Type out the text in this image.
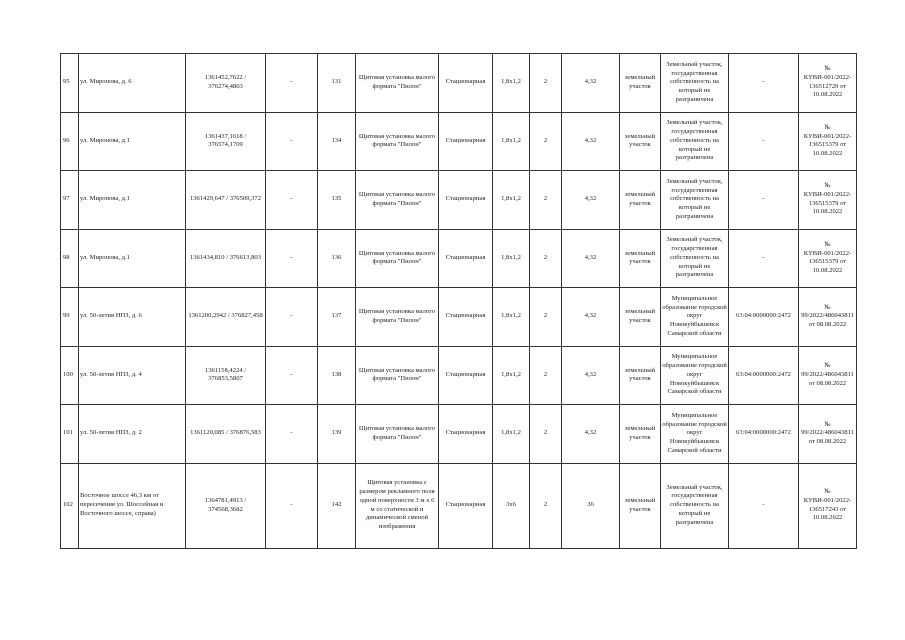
95	ул. Миронова, д. 6	1361452,7622 / 376274,4803	-	131	Щитовая установка малого формата "Пилон"	Стационарная	1,8х1,2	2	4,32	земельный участок	Земельный участок, государственная собственность на который не разграничена	-	№ КУВИ-001/2022-136512729 от 10.08.2022
96	ул. Миронова, д.1	1361437,1618 / 376574,1709	-	134	Щитовая установка малого формата "Пилон"	Стационарная	1,8х1,2	2	4,32	земельный участок	Земельный участок, государственная собственность на который не разграничена	-	№ КУВИ-001/2022-136515379 от 10.08.2022
97	ул. Миронова, д.1	1361429,647 / 376509,372	-	135	Щитовая установка малого формата "Пилон"	Стационарная	1,8х1,2	2	4,32	земельный участок	Земельный участок, государственная собственность на который не разграничена	-	№ КУВИ-001/2022-136515379 от 10.08.2022
98	ул. Миронова, д.1	1361434,810 / 376613,803	-	136	Щитовая установка малого формата "Пилон"	Стационарная	1,8х1,2	2	4,32	земельный участок	Земельный участок, государственная собственность на который не разграничена	-	№ КУВИ-001/2022-136515379 от 10.08.2022
99	ул. 50-летия НПЗ, д. 6	1361200,2942 / 376827,458	-	137	Щитовая установка малого формата "Пилон"	Стационарная	1,8х1,2	2	4,32	земельный участок	Муниципальное образование городской округ Новокуйбышевск Самарской области	63:04:0000000:2472	№ 99/2022/486043811 от 08.08.2022
100	ул. 50-летия НПЗ, д. 4	1361158,4224 / 376853,5807	-	138	Щитовая установка малого формата "Пилон"	Стационарная	1,8х1,2	2	4,32	земельный участок	Муниципальное образование городской округ Новокуйбышевск Самарской области	63:04:0000000:2472	№ 99/2022/486043811 от 08.08.2022
101	ул. 50-летия НПЗ, д. 2	1361120,085 / 376876,583	-	139	Щитовая установка малого формата "Пилон"	Стационарная	1,8х1,2	2	4,32	земельный участок	Муниципальное образование городской округ Новокуйбышевск Самарской области	63:04:0000000:2472	№ 99/2022/486043811 от 08.08.2022
102	Восточное шоссе 46,3 км от пересечения ул. Шоссейная и Восточного шоссе, справа)	1364781,4913 / 374568,3682	-	142	Щитовая установка с размером рекламного поля одной поверхности 3 м х 6 м со статической и динамической сменой изображения	Стационарная	3х6	2	36	земельный участок	Земельный участок, государственная собственность на который не разграничена	-	№ КУВИ-001/2022-136517243 от 10.08.2022
